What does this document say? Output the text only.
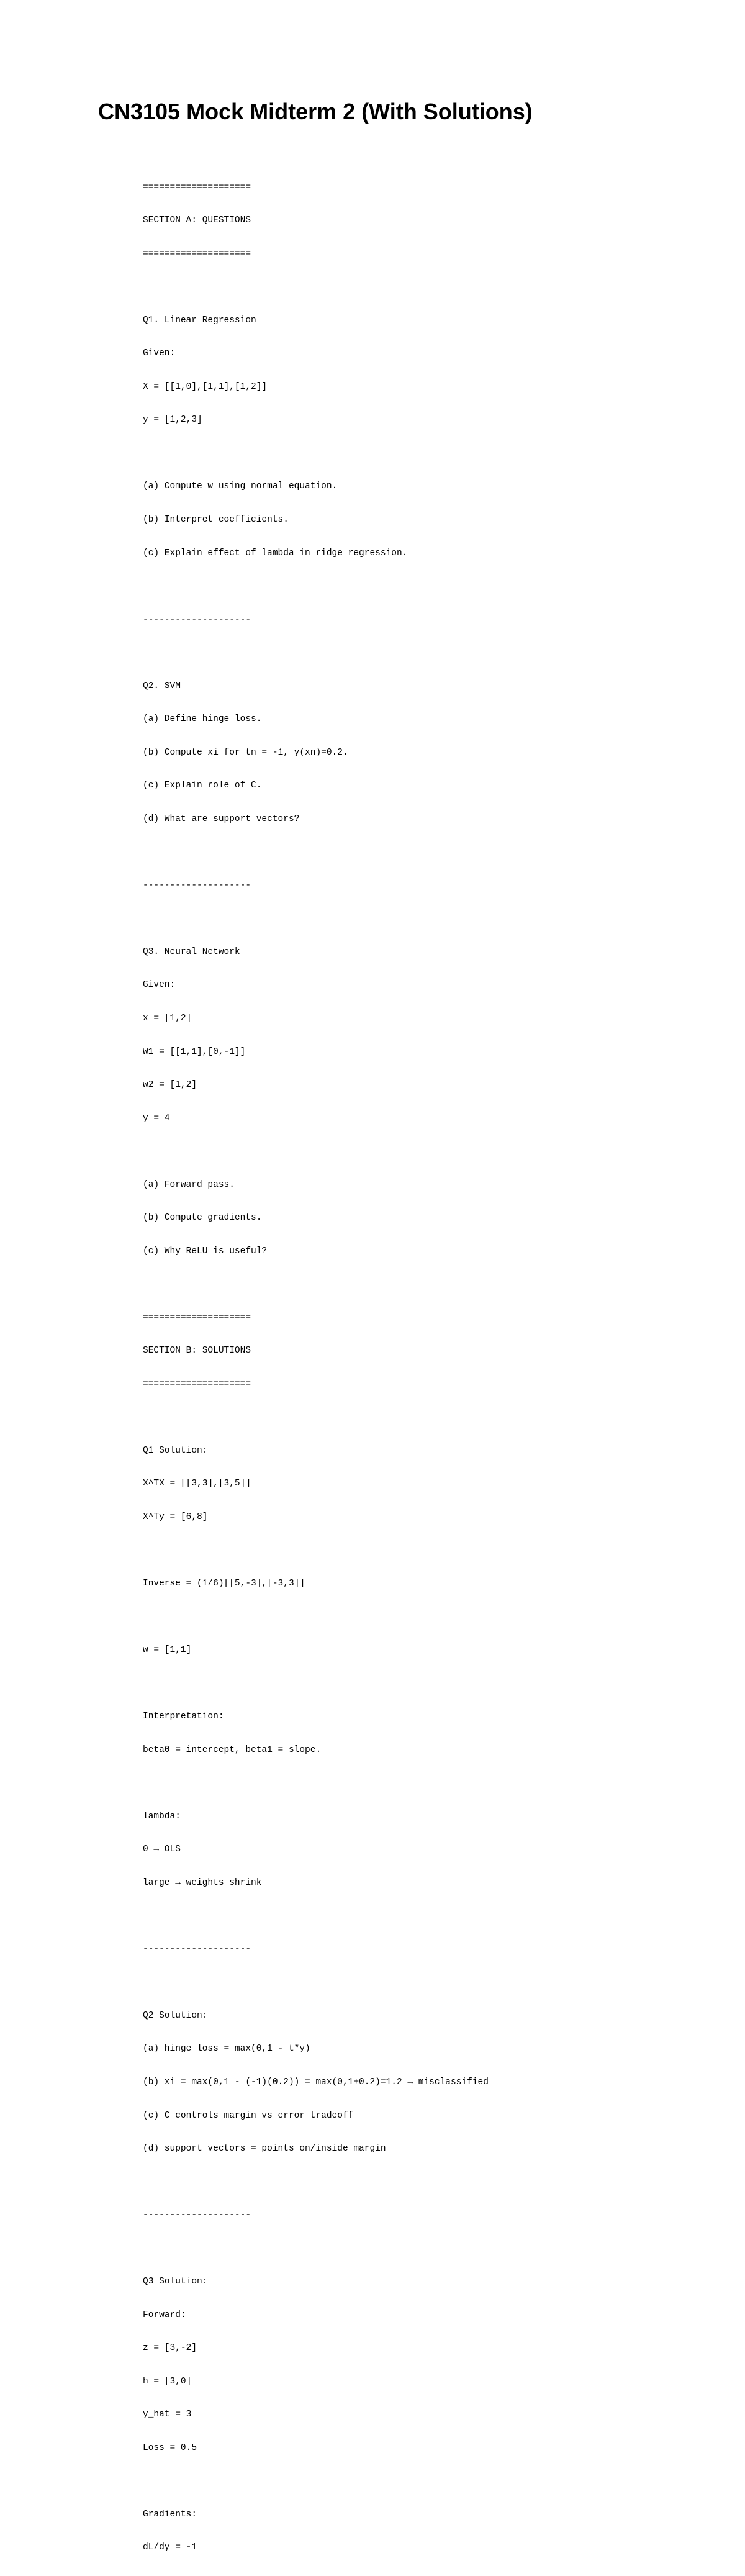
CN3105 Mock Midterm 2 (With Solutions)

====================

SECTION A: QUESTIONS

====================

Q1. Linear Regression

Given:

X = [[1,0],[1,1],[1,2]]

y = [1,2,3]

(a) Compute w using normal equation.

(b) Interpret coefficients.

(c) Explain effect of lambda in ridge regression.

--------------------

Q2. SVM

(a) Define hinge loss.

(b) Compute xi for tn = -1, y(xn)=0.2.

(c) Explain role of C.

(d) What are support vectors?

--------------------

Q3. Neural Network

Given:

x = [1,2]

W1 = [[1,1],[0,-1]]

w2 = [1,2]

y = 4

(a) Forward pass.

(b) Compute gradients.

(c) Why ReLU is useful?

====================

SECTION B: SOLUTIONS

====================

Q1 Solution:

X^TX = [[3,3],[3,5]]

X^Ty = [6,8]

Inverse = (1/6)[[5,-3],[-3,3]]

w = [1,1]

Interpretation:

beta0 = intercept, beta1 = slope.

lambda:

0 → OLS

large → weights shrink

--------------------

Q2 Solution:

(a) hinge loss = max(0,1 - t*y)

(b) xi = max(0,1 - (-1)(0.2)) = max(0,1+0.2)=1.2 → misclassified

(c) C controls margin vs error tradeoff

(d) support vectors = points on/inside margin

--------------------

Q3 Solution:

Forward:

z = [3,-2]

h = [3,0]

y_hat = 3

Loss = 0.5

Gradients:

dL/dy = -1
